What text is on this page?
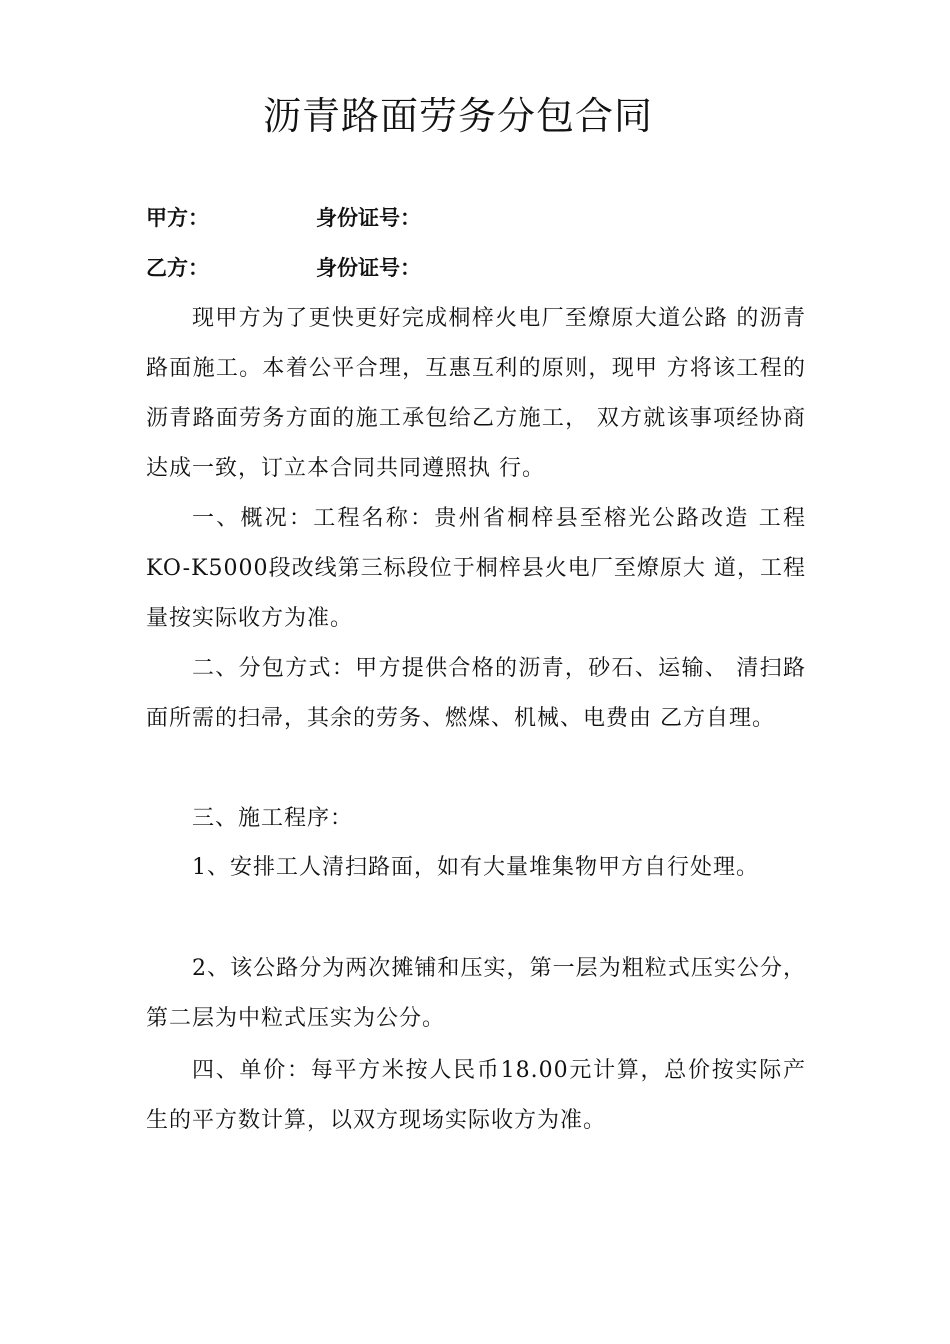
沥青路面劳务分包合同
甲方：	身份证号：
乙方：	身份证号：
现甲方为了更快更好完成桐梓火电厂至燎原大道公路 的沥青路面施工。本着公平合理，互惠互利的原则，现甲 方将该工程的沥青路面劳务方面的施工承包给乙方施工， 双方就该事项经协商达成一致，订立本合同共同遵照执 行。
一、概况：工程名称：贵州省桐梓县至榕光公路改造 工程KO-K5000段改线第三标段位于桐梓县火电厂至燎原大 道，工程量按实际收方为准。
二、分包方式：甲方提供合格的沥青，砂石、运输、 清扫路面所需的扫帚，其余的劳务、燃煤、机械、电费由 乙方自理。
三、施工程序：
1、安排工人清扫路面，如有大量堆集物甲方自行处理。
2、该公路分为两次摊铺和压实，第一层为粗粒式压实公分，第二层为中粒式压实为公分。
四、单价：每平方米按人民币18.00元计算，总价按实际产生的平方数计算，以双方现场实际收方为准。
